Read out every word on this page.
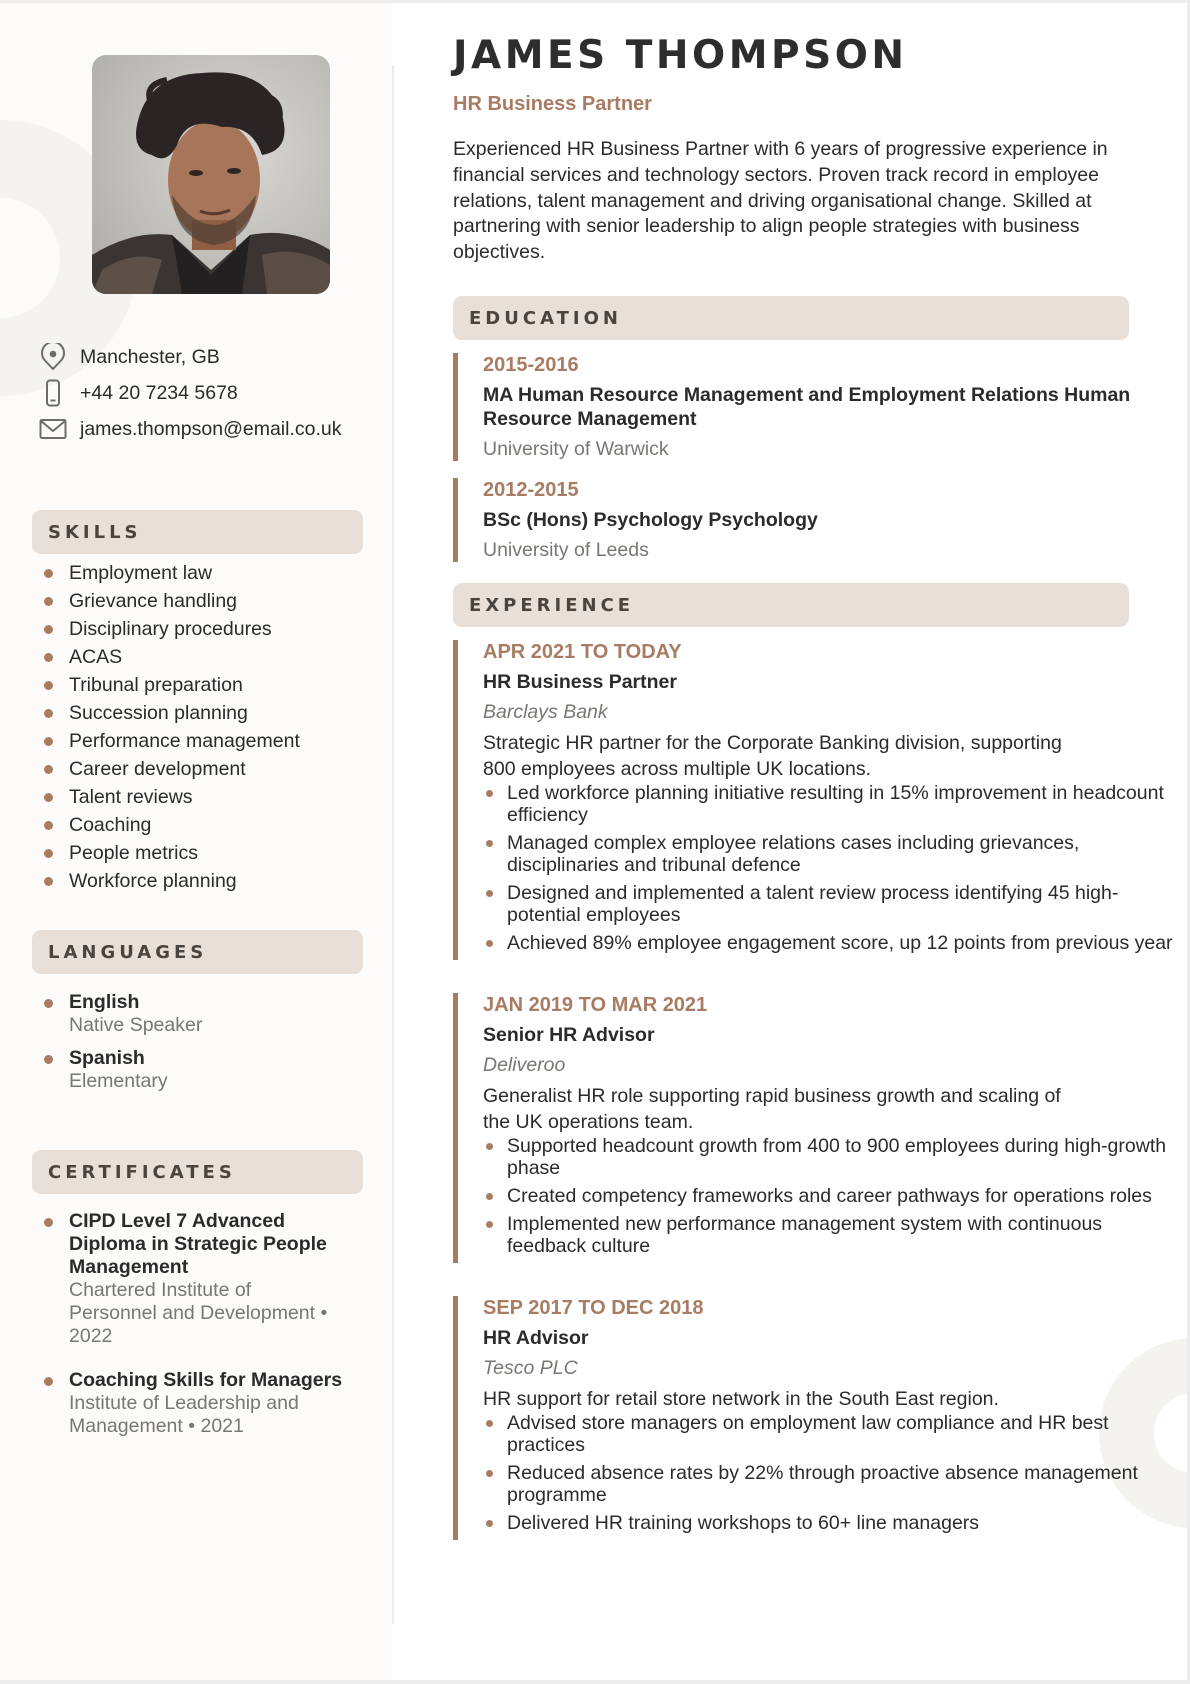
Manchester, GB
+44 20 7234 5678
james.thompson@email.co.uk
SKILLS
Employment law
Grievance handling
Disciplinary procedures
ACAS
Tribunal preparation
Succession planning
Performance management
Career development
Talent reviews
Coaching
People metrics
Workforce planning
LANGUAGES
English
Native Speaker
Spanish
Elementary
CERTIFICATES
CIPD Level 7 Advanced Diploma in Strategic People Management
Chartered Institute of Personnel and Development • 2022
Coaching Skills for Managers
Institute of Leadership and Management • 2021
JAMES THOMPSON
HR Business Partner

Experienced HR Business Partner with 6 years of progressive experience in financial services and technology sectors. Proven track record in employee relations, talent management and driving organisational change. Skilled at partnering with senior leadership to align people strategies with business objectives.

EDUCATION
2015-2016
MA Human Resource Management and Employment Relations Human Resource Management
University of Warwick
2012-2015
BSc (Hons) Psychology Psychology
University of Leeds
EXPERIENCE
APR 2021 TO TODAY
HR Business Partner
Barclays Bank
Strategic HR partner for the Corporate Banking division, supporting 800 employees across multiple UK locations.
Led workforce planning initiative resulting in 15% improvement in headcount efficiency
Managed complex employee relations cases including grievances, disciplinaries and tribunal defence
Designed and implemented a talent review process identifying 45 high-potential employees
Achieved 89% employee engagement score, up 12 points from previous year
JAN 2019 TO MAR 2021
Senior HR Advisor
Deliveroo
Generalist HR role supporting rapid business growth and scaling of the UK operations team.
Supported headcount growth from 400 to 900 employees during high-growth phase
Created competency frameworks and career pathways for operations roles
Implemented new performance management system with continuous feedback culture
SEP 2017 TO DEC 2018
HR Advisor
Tesco PLC
HR support for retail store network in the South East region.
Advised store managers on employment law compliance and HR best practices
Reduced absence rates by 22% through proactive absence management programme
Delivered HR training workshops to 60+ line managers
